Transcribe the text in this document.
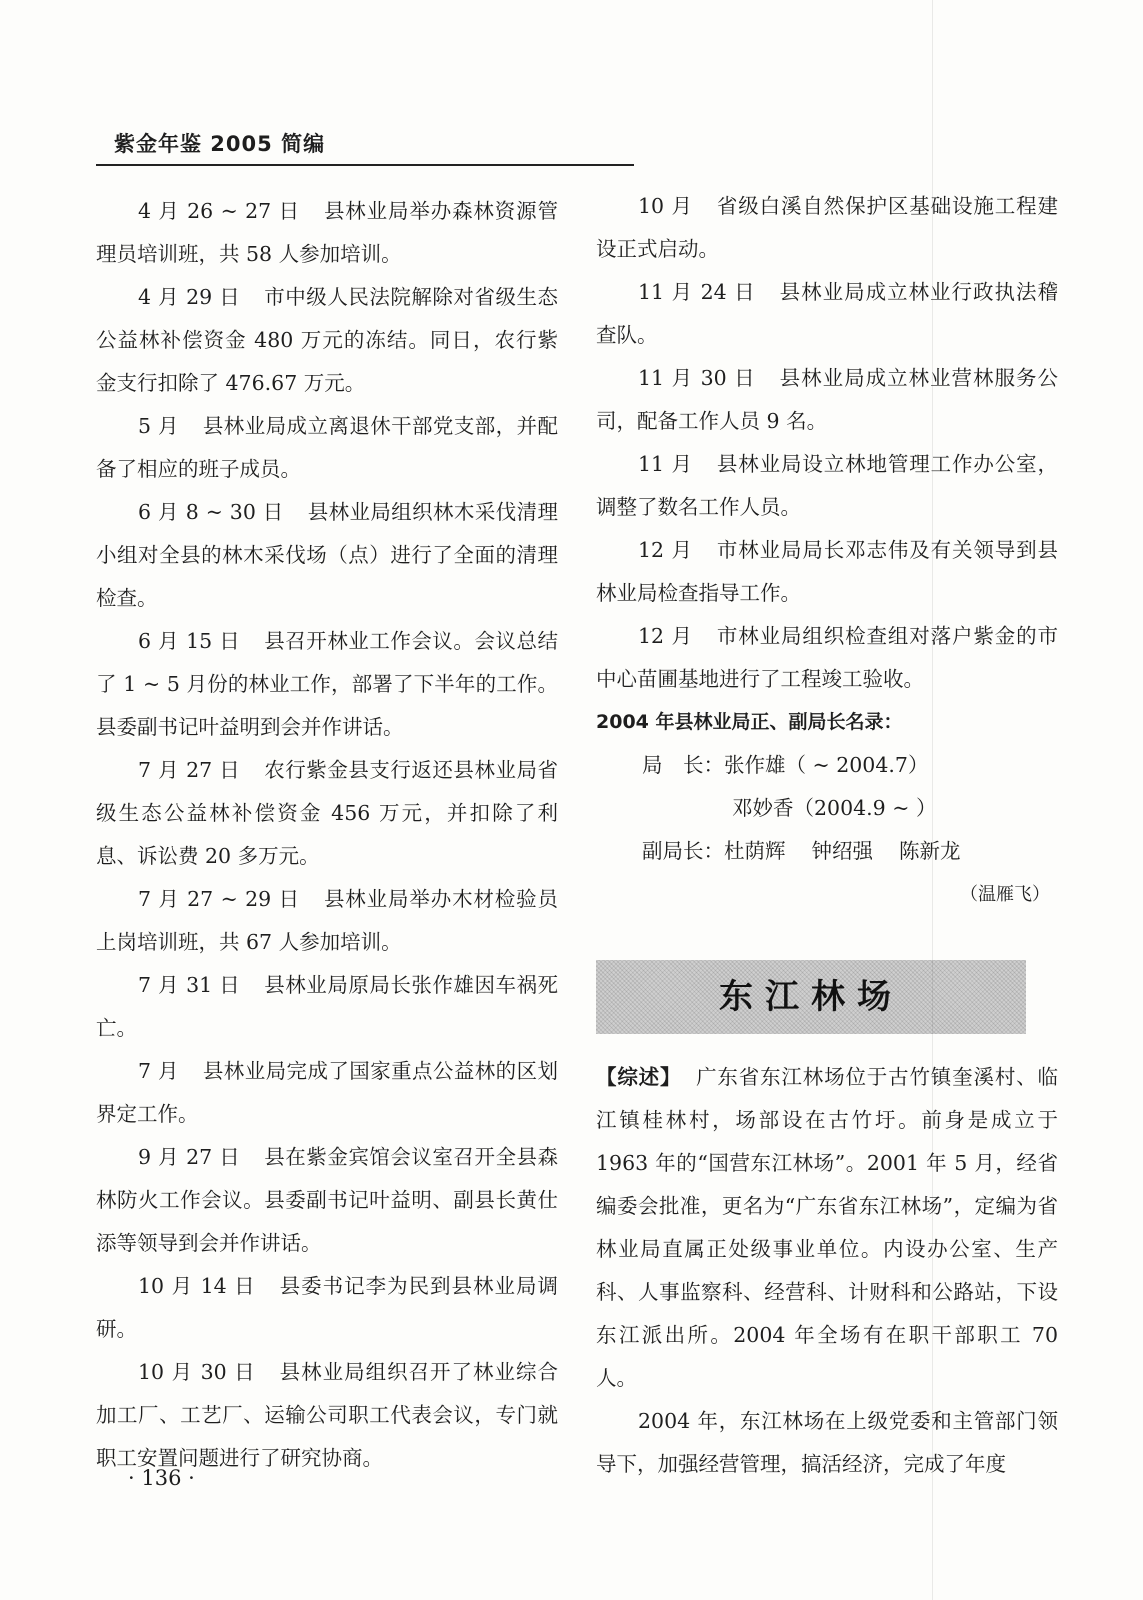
紫金年鉴 2005 简编

4 月 26 ~ 27 日 县林业局举办森林资源管理员培训班，共 58 人参加培训。

4 月 29 日 市中级人民法院解除对省级生态公益林补偿资金 480 万元的冻结。同日，农行紫金支行扣除了 476.67 万元。

5 月 县林业局成立离退休干部党支部，并配备了相应的班子成员。

6 月 8 ~ 30 日 县林业局组织林木采伐清理小组对全县的林木采伐场（点）进行了全面的清理检查。

6 月 15 日 县召开林业工作会议。会议总结了 1 ~ 5 月份的林业工作，部署了下半年的工作。县委副书记叶益明到会并作讲话。

7 月 27 日 农行紫金县支行返还县林业局省级生态公益林补偿资金 456 万元，并扣除了利息、诉讼费 20 多万元。

7 月 27 ~ 29 日 县林业局举办木材检验员上岗培训班，共 67 人参加培训。

7 月 31 日 县林业局原局长张作雄因车祸死亡。

7 月 县林业局完成了国家重点公益林的区划界定工作。

9 月 27 日 县在紫金宾馆会议室召开全县森林防火工作会议。县委副书记叶益明、副县长黄仕添等领导到会并作讲话。

10 月 14 日 县委书记李为民到县林业局调研。

10 月 30 日 县林业局组织召开了林业综合加工厂、工艺厂、运输公司职工代表会议，专门就职工安置问题进行了研究协商。

10 月 省级白溪自然保护区基础设施工程建设正式启动。

11 月 24 日 县林业局成立林业行政执法稽查队。

11 月 30 日 县林业局成立林业营林服务公司，配备工作人员 9 名。

11 月 县林业局设立林地管理工作办公室，调整了数名工作人员。

12 月 市林业局局长邓志伟及有关领导到县林业局检查指导工作。

12 月 市林业局组织检查组对落户紫金的市中心苗圃基地进行了工程竣工验收。

2004 年县林业局正、副局长名录：

局　长：张作雄（ ~ 2004.7）

邓妙香（2004.9 ~ ）

副局长：杜荫辉 钟绍强 陈新龙

（温雁飞）

东江林场

【综述】 广东省东江林场位于古竹镇奎溪村、临江镇桂林村，场部设在古竹圩。前身是成立于 1963 年的“国营东江林场”。2001 年 5 月，经省编委会批准，更名为“广东省东江林场”，定编为省林业局直属正处级事业单位。内设办公室、生产科、人事监察科、经营科、计财科和公路站，下设东江派出所。2004 年全场有在职干部职工 70 人。

2004 年，东江林场在上级党委和主管部门领导下，加强经营管理，搞活经济，完成了年度

· 136 ·
